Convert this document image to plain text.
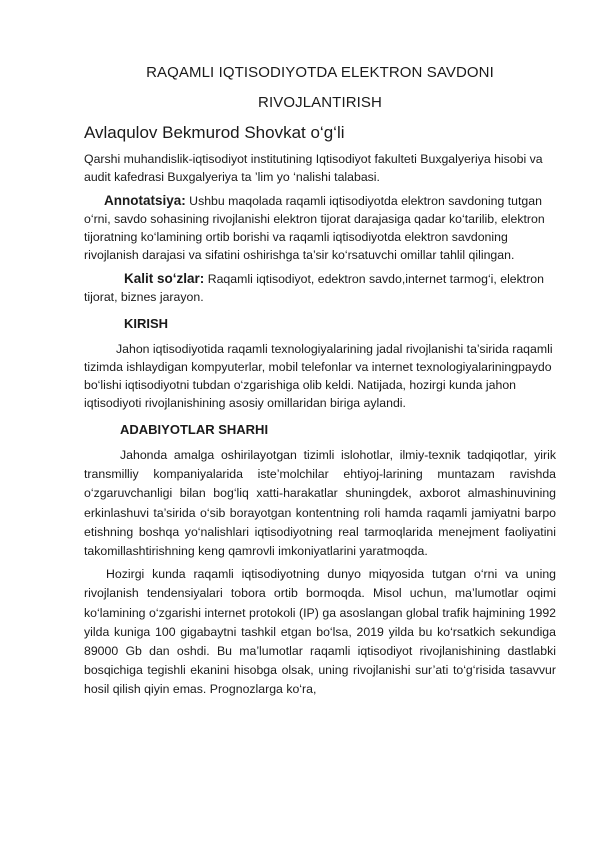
RAQAMLI IQTISODIYOTDA ELEKTRON SAVDONI
RIVOJLANTIRISH
Avlaqulov Bekmurod Shovkat o‘g‘li
Qarshi muhandislik-iqtisodiyot institutining Iqtisodiyot fakulteti Buxgalyeriya hisobi va audit kafedrasi Buxgalyeriya ta ’lim yo ‘nalishi talabasi.
Annotatsiya: Ushbu maqolada raqamli iqtisodiyotda elektron savdoning tutgan o‘rni, savdo sohasining rivojlanishi elektron tijorat darajasiga qadar ko‘tarilib, elektron tijoratning ko‘lamining ortib borishi va raqamli iqtisodiyotda elektron savdoning rivojlanish darajasi va sifatini oshirishga ta’sir ko‘rsatuvchi omillar tahlil qilingan.
Kalit so‘zlar: Raqamli iqtisodiyot, edektron savdo,internet tarmog‘i, elektron tijorat, biznes jarayon.
KIRISH
Jahon iqtisodiyotida raqamli texnologiyalarining jadal rivojlanishi ta’sirida raqamli tizimda ishlaydigan kompyuterlar, mobil telefonlar va internet texnologiyalariningpaydo bo‘lishi iqtisodiyotni tubdan o‘zgarishiga olib keldi. Natijada, hozirgi kunda jahon iqtisodiyoti rivojlanishining asosiy omillaridan biriga aylandi.
ADABIYOTLAR SHARHI
Jahonda amalga oshirilayotgan tizimli islohotlar, ilmiy-texnik tadqiqotlar, yirik transmilliy kompaniyalarida iste’molchilar ehtiyoj-larining muntazam ravishda o‘zgaruvchanligi bilan bog‘liq xatti-harakatlar shuningdek, axborot almashinuvining erkinlashuvi ta’sirida o‘sib borayotgan kontentning roli hamda raqamli jamiyatni barpo etishning boshqa yo‘nalishlari iqtisodiyotning real tarmoqlarida menejment faoliyatini takomillashtirishning keng qamrovli imkoniyatlarini yaratmoqda.
Hozirgi kunda raqamli iqtisodiyotning dunyo miqyosida tutgan o‘rni va uning rivojlanish tendensiyalari tobora ortib bormoqda. Misol uchun, ma’lumotlar oqimi ko‘lamining o‘zgarishi internet protokoli (IP) ga asoslangan global trafik hajmining 1992 yilda kuniga 100 gigabaytni tashkil etgan bo‘lsa, 2019 yilda bu ko‘rsatkich sekundiga 89000 Gb dan oshdi. Bu ma’lumotlar raqamli iqtisodiyot rivojlanishining dastlabki bosqichiga tegishli ekanini hisobga olsak, uning rivojlanishi sur’ati to‘g‘risida tasavvur hosil qilish qiyin emas. Prognozlarga ko‘ra,
